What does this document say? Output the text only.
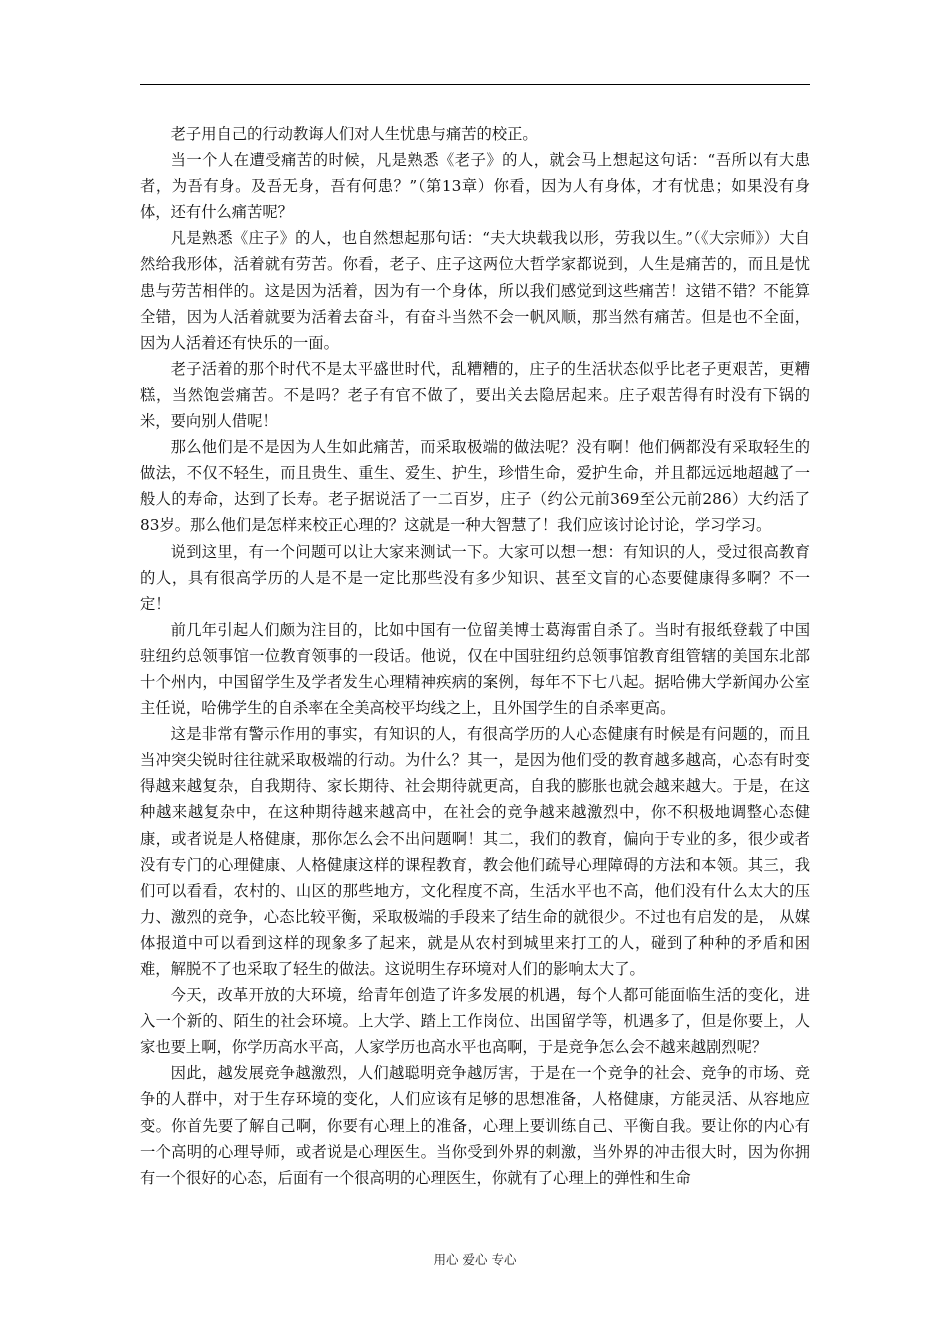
老子用自己的行动教诲人们对人生忧患与痛苦的校正。

当一个人在遭受痛苦的时候，凡是熟悉《老子》的人，就会马上想起这句话：“吾所以有大患者，为吾有身。及吾无身，吾有何患？”（第13章）你看，因为人有身体，才有忧患；如果没有身体，还有什么痛苦呢？

凡是熟悉《庄子》的人，也自然想起那句话：“夫大块载我以形，劳我以生。”（《大宗师》）大自然给我形体，活着就有劳苦。你看，老子、庄子这两位大哲学家都说到，人生是痛苦的，而且是忧患与劳苦相伴的。这是因为活着，因为有一个身体，所以我们感觉到这些痛苦！这错不错？不能算全错，因为人活着就要为活着去奋斗，有奋斗当然不会一帆风顺，那当然有痛苦。但是也不全面，因为人活着还有快乐的一面。

老子活着的那个时代不是太平盛世时代，乱糟糟的，庄子的生活状态似乎比老子更艰苦，更糟糕，当然饱尝痛苦。不是吗？老子有官不做了，要出关去隐居起来。庄子艰苦得有时没有下锅的米，要向别人借呢！

那么他们是不是因为人生如此痛苦，而采取极端的做法呢？没有啊！他们俩都没有采取轻生的做法，不仅不轻生，而且贵生、重生、爱生、护生，珍惜生命，爱护生命，并且都远远地超越了一般人的寿命，达到了长寿。老子据说活了一二百岁，庄子（约公元前369至公元前286）大约活了83岁。那么他们是怎样来校正心理的？这就是一种大智慧了！我们应该讨论讨论，学习学习。

说到这里，有一个问题可以让大家来测试一下。大家可以想一想：有知识的人，受过很高教育的人，具有很高学历的人是不是一定比那些没有多少知识、甚至文盲的心态要健康得多啊？不一定！

前几年引起人们颇为注目的，比如中国有一位留美博士葛海雷自杀了。当时有报纸登载了中国驻纽约总领事馆一位教育领事的一段话。他说，仅在中国驻纽约总领事馆教育组管辖的美国东北部十个州内，中国留学生及学者发生心理精神疾病的案例，每年不下七八起。据哈佛大学新闻办公室主任说，哈佛学生的自杀率在全美高校平均线之上，且外国学生的自杀率更高。

这是非常有警示作用的事实，有知识的人，有很高学历的人心态健康有时候是有问题的，而且当冲突尖锐时往往就采取极端的行动。为什么？其一，是因为他们受的教育越多越高，心态有时变得越来越复杂，自我期待、家长期待、社会期待就更高，自我的膨胀也就会越来越大。于是，在这种越来越复杂中，在这种期待越来越高中，在社会的竞争越来越激烈中，你不积极地调整心态健康，或者说是人格健康，那你怎么会不出问题啊！其二，我们的教育，偏向于专业的多，很少或者没有专门的心理健康、人格健康这样的课程教育，教会他们疏导心理障碍的方法和本领。其三，我们可以看看，农村的、山区的那些地方，文化程度不高，生活水平也不高，他们没有什么太大的压力、激烈的竞争，心态比较平衡，采取极端的手段来了结生命的就很少。不过也有启发的是， 从媒体报道中可以看到这样的现象多了起来，就是从农村到城里来打工的人，碰到了种种的矛盾和困难，解脱不了也采取了轻生的做法。这说明生存环境对人们的影响太大了。

今天，改革开放的大环境，给青年创造了许多发展的机遇，每个人都可能面临生活的变化，进入一个新的、陌生的社会环境。上大学、踏上工作岗位、出国留学等，机遇多了，但是你要上，人家也要上啊，你学历高水平高，人家学历也高水平也高啊，于是竞争怎么会不越来越剧烈呢？

因此，越发展竞争越激烈，人们越聪明竞争越厉害，于是在一个竞争的社会、竞争的市场、竞争的人群中，对于生存环境的变化，人们应该有足够的思想准备，人格健康，方能灵活、从容地应变。你首先要了解自己啊，你要有心理上的准备，心理上要训练自己、平衡自我。要让你的内心有一个高明的心理导师，或者说是心理医生。当你受到外界的刺激，当外界的冲击很大时，因为你拥有一个很好的心态，后面有一个很高明的心理医生，你就有了心理上的弹性和生命

用心 爱心 专心
